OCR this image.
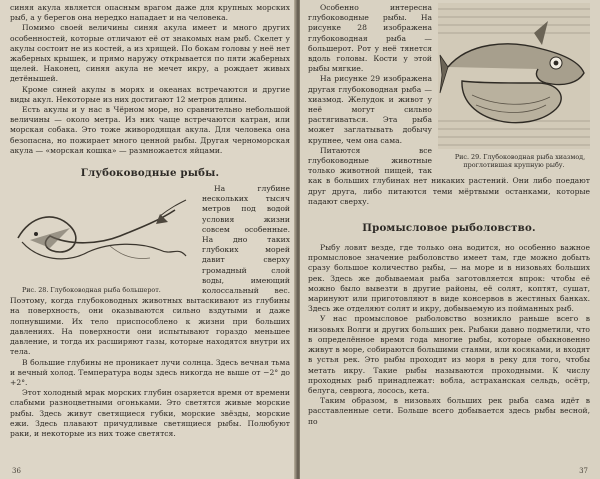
синяя акула является опасным врагом даже для крупных морских рыб, а у берегов она нередко нападает и на человека.

Помимо своей величины синяя акула имеет и много других особенностей, которые отличают её от знакомых нам рыб. Скелет у акулы состоит не из костей, а из хрящей. По бокам головы у неё нет жаберных крышек, и прямо наружу открывается по пяти жаберных щелей. Наконец, синяя акула не мечет икру, а рождает живых детёнышей.

Кроме синей акулы в морях и океанах встречаются и другие виды акул. Некоторые из них достигают 12 метров длины.

Есть акулы и у нас в Чёрном море, но сравнительно небольшой величины — около метра. Из них чаще встречаются катран, или морская собака. Это тоже живородящая акула. Для человека она безопасна, но пожирает много ценной рыбы. Другая черноморская акула — «морская кошка» — размножается яйцами.

Глубоководные рыбы.

Рис. 28. Глубоководная рыба большерот.

На глубине нескольких тысяч метров под водой условия жизни совсем особенные. На дно таких глубоких морей давит сверху громадный слой воды, имеющий колоссальный вес. Поэтому, когда глубоководных животных вытаскивают из глубины на поверхность, они оказываются сильно вздутыми и даже лопнувшими. Их тело приспособлено к жизни при больших давлениях. На поверхности они испытывают гораздо меньшее давление, и тогда их расширяют газы, которые находятся внутри их тела.

В большие глубины не проникает лучи солнца. Здесь вечная тьма и вечный холод. Температура воды здесь никогда не выше от −2° до +2°.

Этот холодный мрак морских глубин озаряется время от времени слабыми разноцветными огоньками. Это светятся живые морские рыбы. Здесь живут светящиеся губки, морские звёзды, морские ежи. Здесь плавают причудливые светящиеся рыбы. Полюбуют раки, и некоторые из них тоже светятся.

36

Рис. 29. Глубоководная рыба хиазмод, проглотившая крупную рыбу.

Особенно интересна глубоководные рыбы. На рисунке 28 изображена глубоководная рыба — большерот. Рот у неё тянется вдоль головы. Кости у этой рыбы мягкие.

На рисунке 29 изображена другая глубоководная рыба — хиазмод. Желудок и живот у неё могут сильно растягиваться. Эта рыба может заглатывать добычу крупнее, чем она сама.

Питаются все глубоководные животные только животной пищей, так как в больших глубинах нет никаких растений. Они либо поедают друг друга, либо питаются теми мёртвыми останками, которые падают сверху.

Промысловое рыболовство.

Рыбу ловят везде, где только она водится, но особенно важное промысловое значение рыболовство имеет там, где можно добыть сразу большое количество рыбы, — на море и в низовьях больших рек. Здесь же добываемая рыба заготовляется впрок: чтобы её можно было вывезти в другие районы, её солят, коптят, сушат, маринуют или приготовляют в виде консервов в жестяных банках. Здесь же отделяют солят и икру, добываемую из пойманных рыб.

У нас промысловое рыболовство возникло раньше всего в низовьях Волги и других больших рек. Рыбаки давно подметили, что в определённое время года многие рыбы, которые обыкновенно живут в море, собираются большими стаями, или косяками, и входят в устья рек. Это рыбы проходят из моря в реку для того, чтобы метать икру. Такие рыбы называются проходными. К числу проходных рыб принадлежат: вобла, астраханская сельдь, осётр, белуга, севрюга, лосось, кета.

Таким образом, в низовьях больших рек рыба сама идёт в расставленные сети. Больше всего добывается здесь рыбы весной, по

37
